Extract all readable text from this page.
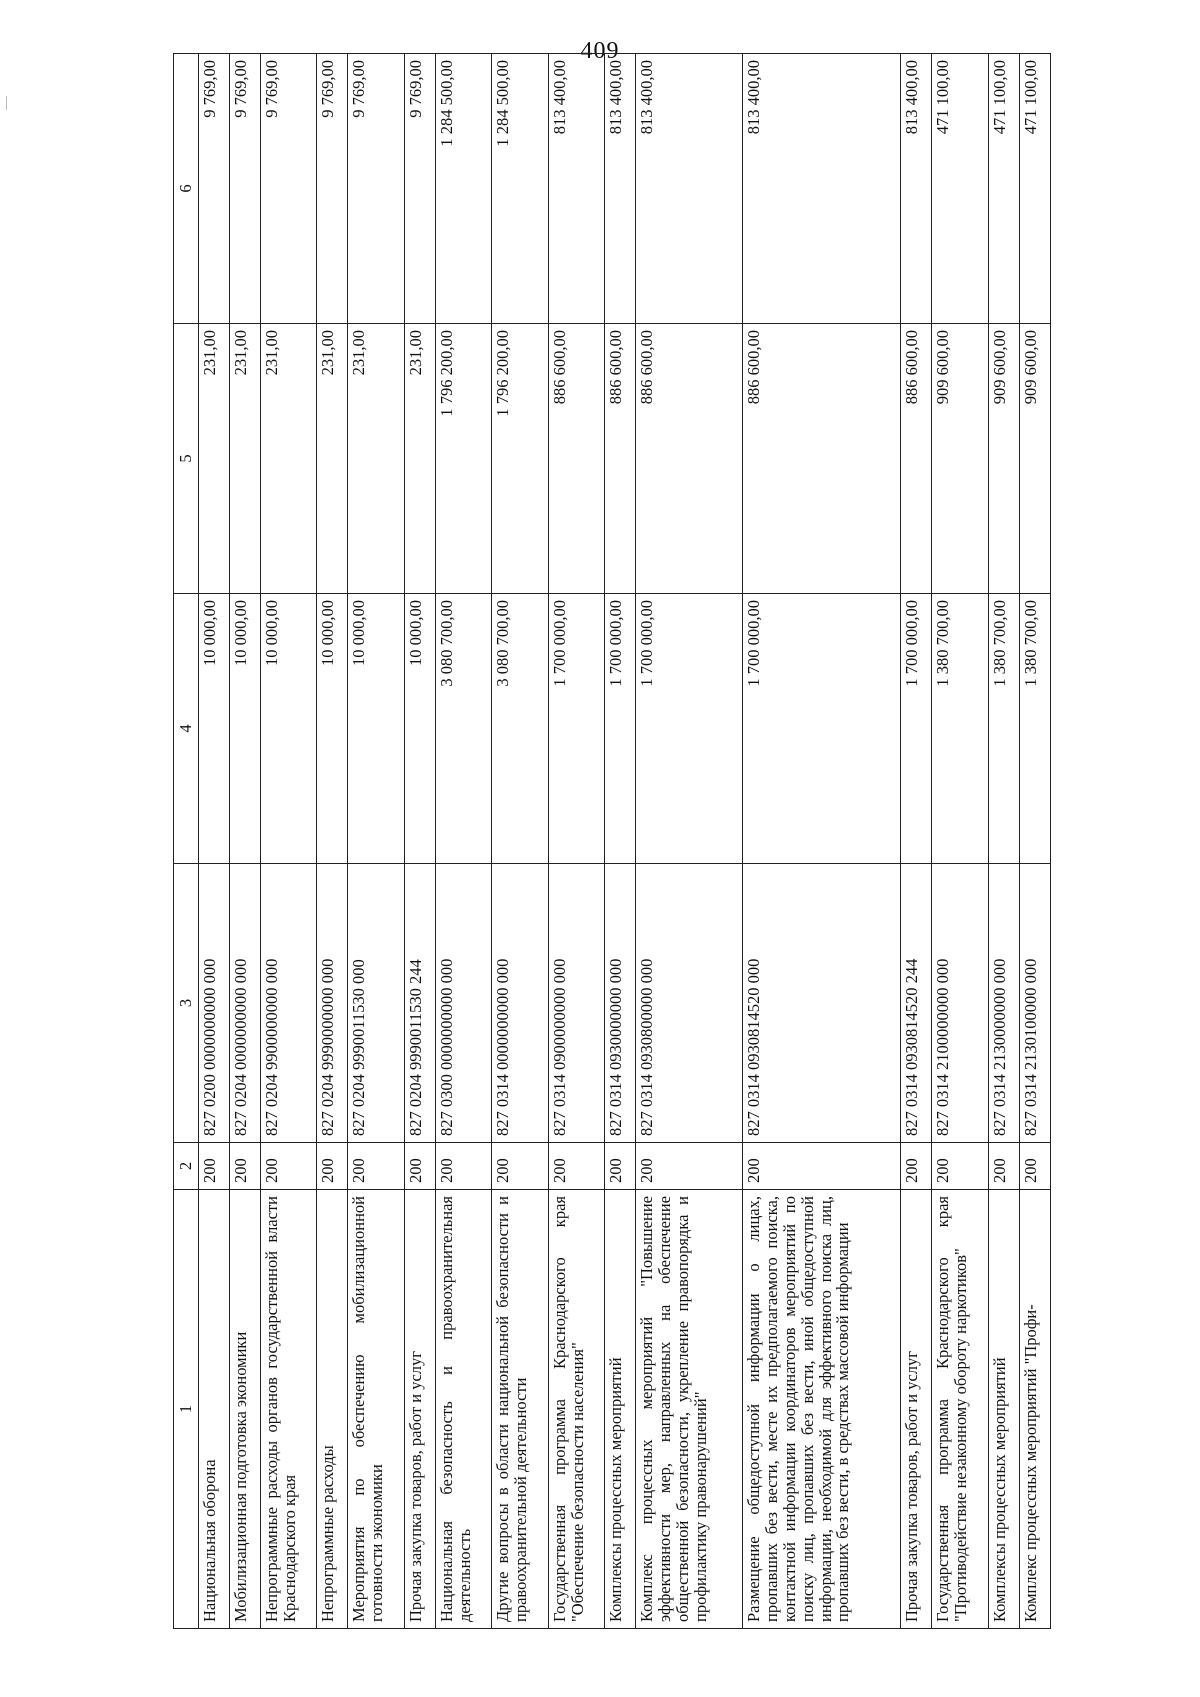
409
1	2	3	4	5	6
Национальная оборона	200	827 0200 0000000000 000	10 000,00	231,00	9 769,00
Мобилизационная подготовка экономики	200	827 0204 0000000000 000	10 000,00	231,00	9 769,00
Непрограммные расходы органов государственной власти Краснодарского края	200	827 0204 9900000000 000	10 000,00	231,00	9 769,00
Непрограммные расходы	200	827 0204 9990000000 000	10 000,00	231,00	9 769,00
Мероприятия по обеспечению мобилизационной готовности экономики	200	827 0204 9990011530 000	10 000,00	231,00	9 769,00
Прочая закупка товаров, работ и услуг	200	827 0204 9990011530 244	10 000,00	231,00	9 769,00
Национальная безопасность и правоохранительная деятельность	200	827 0300 0000000000 000	3 080 700,00	1 796 200,00	1 284 500,00
Другие вопросы в области национальной безопасности и правоохранительной деятельности	200	827 0314 0000000000 000	3 080 700,00	1 796 200,00	1 284 500,00
Государственная программа Краснодарского края "Обеспечение безопасности населения"	200	827 0314 0900000000 000	1 700 000,00	886 600,00	813 400,00
Комплексы процессных мероприятий	200	827 0314 0930000000 000	1 700 000,00	886 600,00	813 400,00
Комплекс процессных мероприятий "Повышение эффективности мер, направленных на обеспечение общественной безопасности, укрепление правопорядка и профилактику правонарушений"	200	827 0314 0930800000 000	1 700 000,00	886 600,00	813 400,00
Размещение общедоступной информации о лицах, пропавших без вести, месте их предполагаемого поиска, контактной информации координаторов мероприятий по поиску лиц, пропавших без вести, иной общедоступной информации, необходимой для эффективного поиска лиц, пропавших без вести, в средствах массовой информации	200	827 0314 0930814520 000	1 700 000,00	886 600,00	813 400,00
Прочая закупка товаров, работ и услуг	200	827 0314 0930814520 244	1 700 000,00	886 600,00	813 400,00
Государственная программа Краснодарского края "Противодействие незаконному обороту наркотиков"	200	827 0314 2100000000 000	1 380 700,00	909 600,00	471 100,00
Комплексы процессных мероприятий	200	827 0314 2130000000 000	1 380 700,00	909 600,00	471 100,00
Комплекс процессных мероприятий "Профи-	200	827 0314 2130100000 000	1 380 700,00	909 600,00	471 100,00
